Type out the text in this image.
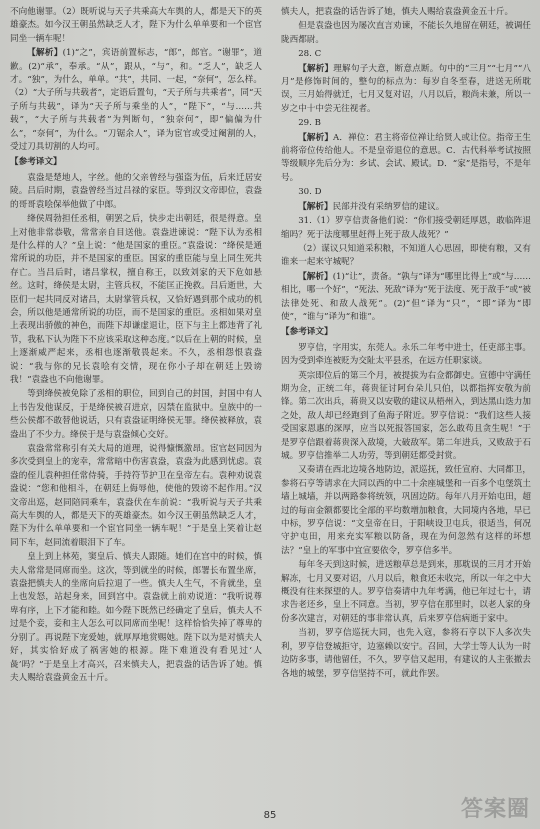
不向他谢罪。（2）既听说与天子共乘高大车舆的人，都是天下的英雄豪杰。如今汉王朝虽然缺乏人才，陛下为什么单单要和一个宦官同坐一辆车呢！

【解析】(1)“之”，宾语前置标志，“郎”，郎官。“谢罪”，道歉。(2)“承”，奉承。“从”，跟从，“与”，和。“乏人”，缺乏人才。“独”，为什么，单单。“共”，共同、一起，“奈何”，怎么样。（2）“大子所与共载者”，定语后置句，“天子所与共乘者”，同“天子所与共载”，译为“天子所与乘坐的人”，“陛下”，“与……共载”，“大子所与共载者”为判断句，“独奈何”，即“偏偏为什么”，“奈何”，为什么。“刀锯余人”，译为宦官或受过阉割的人，受过刀具切割的人均可。

【参考译文】

袁盎是楚地人，字丝。他的父亲曾经与强盗为伍，后来迁居安陵。吕后时期，袁盎曾经当过吕禄的家臣。等到汉文帝即位，袁盎的哥哥袁哙保举他做了中郎。

绛侯周勃担任丞相，朝罢之后，快步走出朝廷，很是得意。皇上对他非常恭敬，常常亲自目送他。袁盎进谏说：“陛下认为丞相是什么样的人？”皇上说：“他是国家的重臣。”袁盎说：“绛侯是通常所说的功臣，并不是国家的重臣。国家的重臣能与皇上同生死共存亡。当吕后时，诸吕掌权，擅自称王，以致刘家的天下危如悬丝。这时，绛侯是太尉，主管兵权，不能匡正挽救。吕后逝世，大臣们一起共同反对诸吕，太尉掌管兵权，又恰好遇到那个成功的机会，所以他是通常所说的功臣，而不是国家的重臣。丞相如果对皇上表现出骄傲的神色，而陛下却谦虚退让，臣下与主上都违背了礼节，我私下认为陛下不应该采取这种态度。”以后在上朝的时候，皇上逐渐威严起来，丞相也逐渐敬畏起来。不久，丞相怨恨袁盎说：“我与你的兄长袁哙有交情，现在你小子却在朝廷上毁谤我！”袁盎也不向他谢罪。

等到绛侯被免除了丞相的职位，回到自己的封国，封国中有人上书告发他谋反，于是绛侯被召进京，囚禁在监狱中。皇族中的一些公侯都不敢替他说话，只有袁盎证明绛侯无罪。绛侯被释放，袁盎出了不少力。绛侯于是与袁盎倾心交好。

袁盎常常称引有关大局的道理，说得慷慨激昂。宦官赵同因为多次受到皇上的宠幸，常常暗中伤害袁盎，袁盎为此感到忧虑。袁盎的侄儿袁种担任常侍骑，手持符节护卫在皇帝左右。袁种劝说袁盎说：“您和他相斗，在朝廷上侮辱他，使他的毁谤不起作用。”汉文帝出巡，赵同陪同乘车，袁盎伏在车前说：“我听说与天子共乘高大车舆的人，都是天下的英雄豪杰。如今汉王朝虽然缺乏人才，陛下为什么单单要和一个宦官同坐一辆车呢！”于是皇上笑着让赵同下车，赵同流着眼泪下了车。

皇上到上林苑，窦皇后、慎夫人跟随。她们在宫中的时候，慎夫人常常是同席而坐。这次，等到就坐的时候，郎署长布置坐席，袁盎把慎夫人的坐席向后拉退了一些。慎夫人生气，不肯就坐，皇上也发怒，站起身来，回到宫中。袁盎就上前劝说道：“我听说尊卑有序，上下才能和睦。如今陛下既然已经确定了皇后，慎夫人不过是个妾，妾和主人怎么可以同席而坐呢！这样恰恰失掉了尊卑的分别了。再说陛下宠爱她，就厚厚地赏赐她。陛下以为是对慎夫人好，其实恰好成了祸害她的根源。陛下难道没有看见过‘人彘’吗？”于是皇上才高兴，召来慎夫人，把袁盎的话告诉了她。慎夫人赐给袁盎黄金五十斤。

慎夫人，把袁盎的话告诉了她，慎夫人赐给袁盎黄金五十斤。

但是袁盎也因为屡次直言劝谏，不能长久地留在朝廷，被调任陇西都尉。

28. C

【解析】理解句子大意，断意点断。句中的“三月”“七月”“八月”是修饰时间的，整句的标点为：每岁自冬至春，进送无所耽误，三月始得就迁，七月又复对诏，八月以后，粮尚未兼，所以一岁之中十中尝无往视者。

29. B

【解析】A．禅位：君主将帝位禅让给贤人或让位。指帝王生前将帝位传给他人。不是皇帝退位的意思。C．古代科举考试按照等级顺序先后分为：乡试、会试、殿试。D．“家”是指号，不是年号。

30. D

【解析】民部并没有采纳罗信的建议。

31.（1）罗亨信责备他们说：“你们接受朝廷厚恩，敢临阵退缩吗？死于法度哪里赶得上死于敌人战死？”

（2）谋议只知道采积粮，不知道人心思固，即使有粮，又有谁来一起来守城呢？

【解析】(1)“让”，责备。“孰与”译为“哪里比得上”或“与……相比，哪一个好”，“死法、死敌”译为“死于法度、死于敌手”或“被法律处死、和敌人战死”。(2)“但”译为“只”，“即”译为“即使”，“谁与”译为“和谁”。

【参考译文】

罗亨信，字用实，东莞人。永乐二年考中进士，任吏部主事。因为受到牵连被贬为交阯太平县丞，在远方任职家谈。

英宗即位后的第三个月，被提拔为右佥都御史。宣德中守满任期为佥，正统二年，蒋贵征讨阿台朵儿只伯，以都指挥安敬为前锋。第二次出兵，蒋贵又以安敬的建议从梧州入，到达黑山迭力加之处，敌人却已经跑到了鱼海子附近。罗亨信说：“我们这些人接受国家恩惠的深厚，应当以死报答国家，怎么敢苟且贪生呢！”于是罗亨信跟着蒋贵深入敌境，大破敌军。第二年进兵，又败敌于石城。罗亨信推举二人功劳，等到朝廷都受封赏。

又奏请在西北边境各地防边，派巡抚，致任宣府、大同都卫，参将石亨等请求在大同以西的中二十余座城堡和一百多个屯堡筑土墙上城墙，并以两路参将统领，巩固边防。每年八月开始屯田，超过的每亩金额都要比全部的平均数增加粮食，大同境内各地，早已中标，罗亨信说：“文皇帝在日，于阳峡设卫屯兵，很适当，何况守护屯田，用来充实军粮以防备，现在为何忽然有这样的坏想法？”皇上的军事中宜宣要依令，罗亨信多半。

每年冬天到这时候，进送粮草总是到来，那耽误的三月才开始解冻，七月又要对诏，八月以后，粮食还未收完，所以一年之中大概没有往来探望的人。罗亨信奏请中九年考满，他已年过七十，请求告老还乡，皇上不同意。当初，罗亨信在那里时，以老人家的身份多次建言，对朝廷的事非常认真，后来罗亨信病逝于家中。

当初，罗亨信巡抚大同，也先入寇，参将石亨以下人多次失利，罗亨信登城拒守，边塞赖以安宁。召回，大学士等人认为一时边防多事，请他留任，不久，罗亨信又起用，有建议的人主张撤去各地的城堡，罗亨信坚持不可，就此作罢。

85	答案圈
